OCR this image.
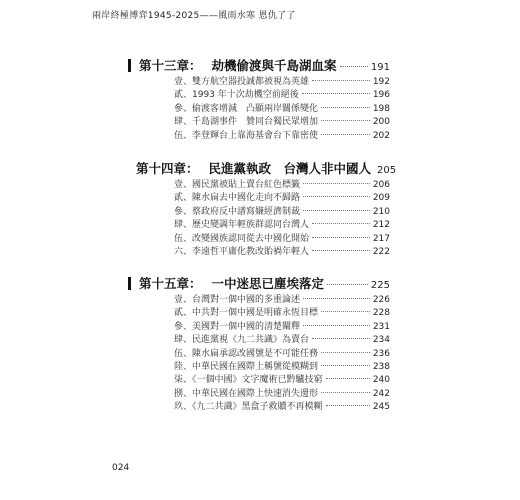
兩岸終極博弈1945-2025——風雨水寒 恩仇了了
第十三章： 劫機偷渡與千島湖血案	191
壹、雙方航空器投誠都被視為英雄	192
貳、1993 年十次劫機空前絕後	196
參、偷渡客增減　凸顯兩岸關係變化	198
肆、千島湖事件　贊同台獨民眾增加	200
伍、李登輝台上靠海基會台下靠密使	202
第十四章： 民進黨執政　台灣人非中國人 205
壹、國民黨被貼上賣台紅色標籤	206
貳、陳水扁去中國化走向不歸路	209
參、蔡政府反中譜寫嫌經濟制裁	210
肆、歷史變調年輕族群認同台灣人	212
伍、改變國族認同從去中國化開始	217
六、李遠哲平庸化教改貽禍年輕人	222
第十五章： 一中迷思已塵埃落定	225
壹、台灣對一個中國的多重論述	226
貳、中共對一個中國是明確永恆目標	228
參、美國對一個中國的清楚闡釋	231
肆、民進黨視《九二共識》為賣台	234
伍、陳水扁承認改國號是不可能任務	236
陸、中華民國在國際上稱號從模糊到	238
柒、《一個中國》文字魔術已黔驢技窮	240
捌、中華民國在國際上快速消失邊形	242
玖、《九二共識》黑盒子救贖不再模糊	245
024
